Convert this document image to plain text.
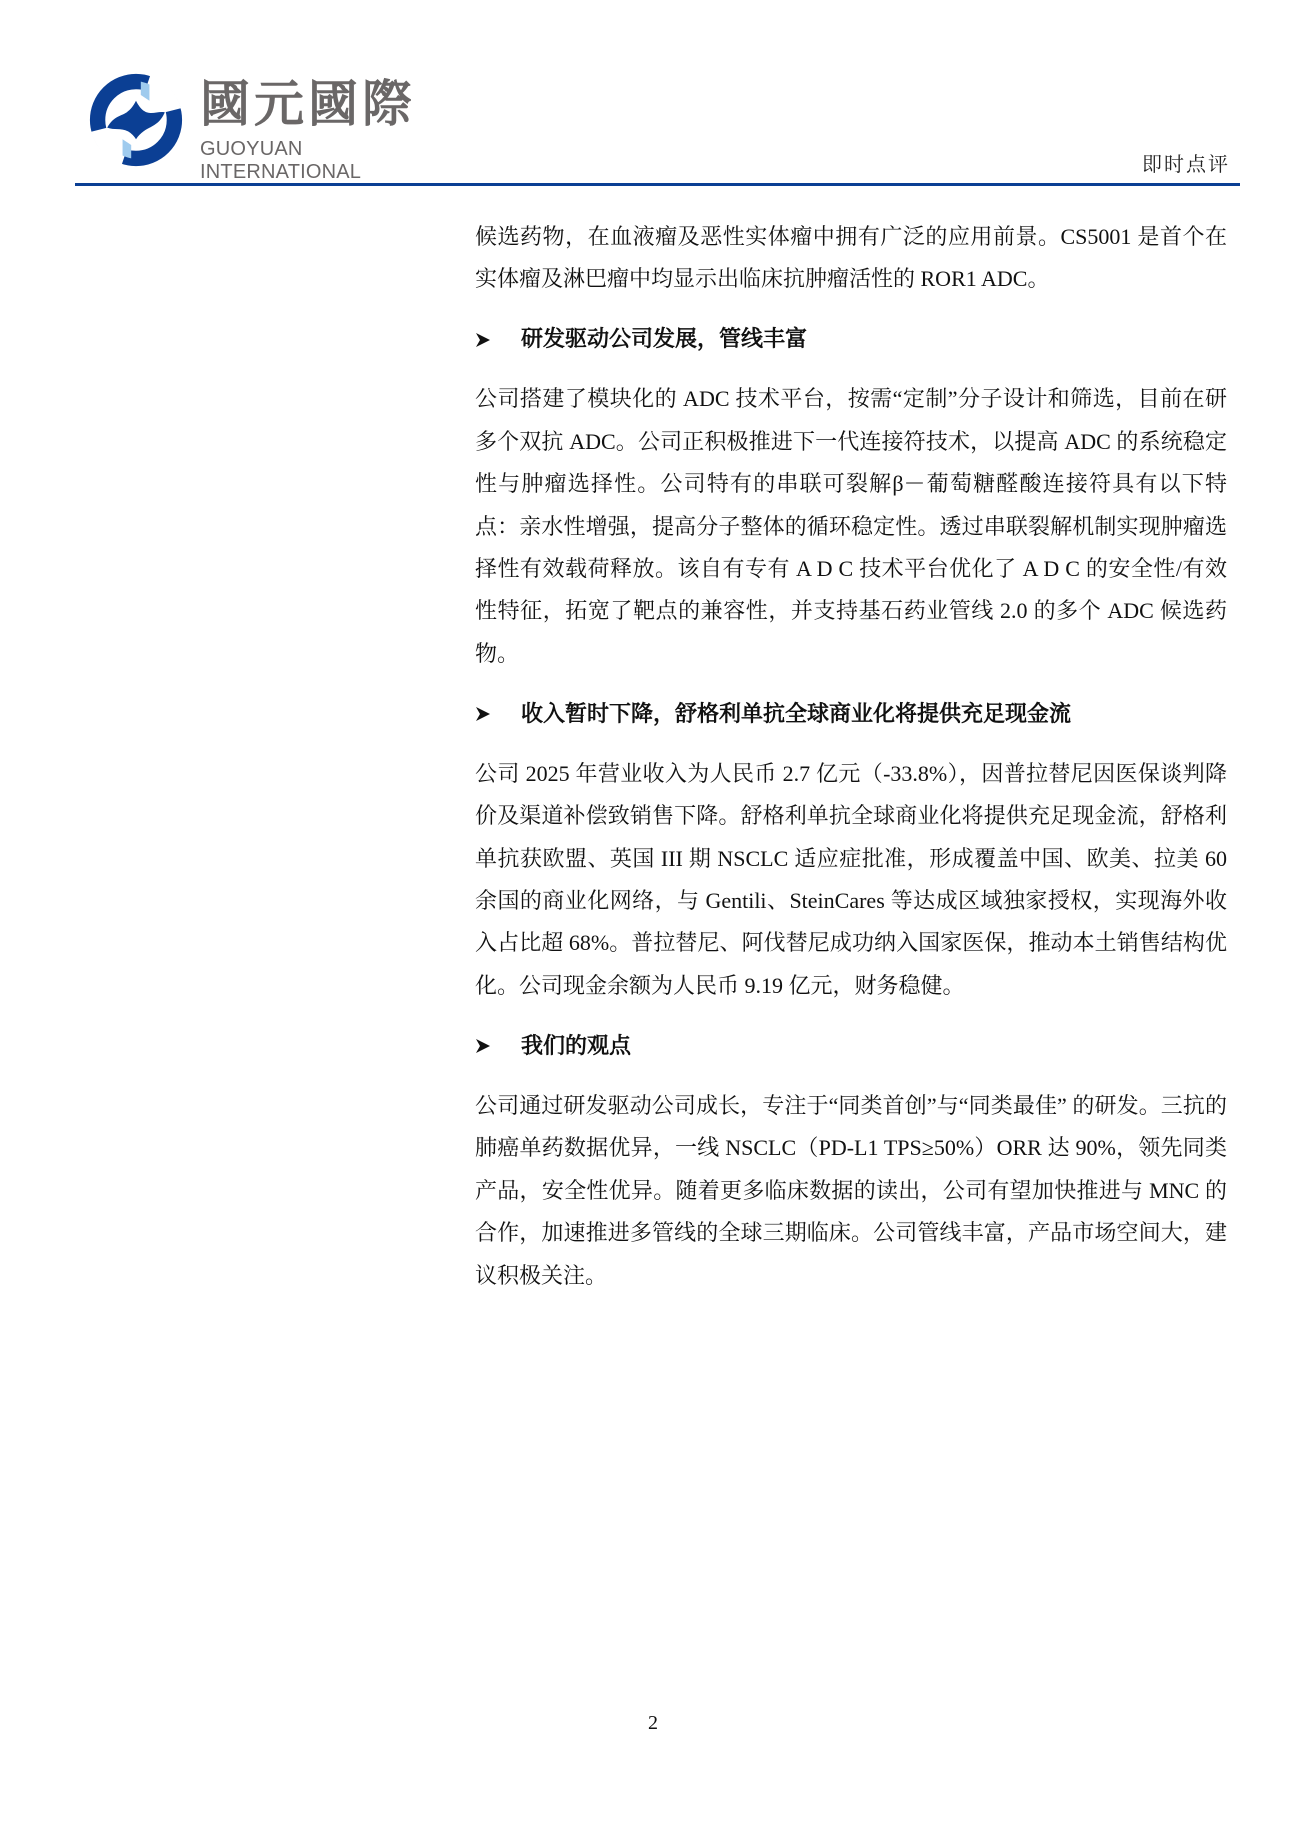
國元國際
GUOYUAN INTERNATIONAL	即时点评

候选药物，在血液瘤及恶性实体瘤中拥有广泛的应用前景。CS5001 是首个在实体瘤及淋巴瘤中均显示出临床抗肿瘤活性的 ROR1 ADC。

研发驱动公司发展，管线丰富

公司搭建了模块化的 ADC 技术平台，按需“定制”分子设计和筛选，目前在研多个双抗 ADC。公司正积极推进下一代连接符技术，以提高 ADC 的系统稳定性与肿瘤选择性。公司特有的串联可裂解β－葡萄糖醛酸连接符具有以下特点：亲水性增强，提高分子整体的循环稳定性。透过串联裂解机制实现肿瘤选择性有效载荷释放。该自有专有 A D C 技术平台优化了 A D C 的安全性/有效性特征，拓宽了靶点的兼容性，并支持基石药业管线 2.0 的多个 ADC 候选药物。

收入暂时下降，舒格利单抗全球商业化将提供充足现金流

公司 2025 年营业收入为人民币 2.7 亿元（-33.8%），因普拉替尼因医保谈判降价及渠道补偿致销售下降。舒格利单抗全球商业化将提供充足现金流，舒格利单抗获欧盟、英国 III 期 NSCLC 适应症批准，形成覆盖中国、欧美、拉美 60 余国的商业化网络，与 Gentili、SteinCares 等达成区域独家授权，实现海外收入占比超 68%。普拉替尼、阿伐替尼成功纳入国家医保，推动本土销售结构优化。公司现金余额为人民币 9.19 亿元，财务稳健。

我们的观点

公司通过研发驱动公司成长，专注于“同类首创”与“同类最佳” 的研发。三抗的肺癌单药数据优异，一线 NSCLC（PD-L1 TPS≥50%）ORR 达 90%，领先同类产品，安全性优异。随着更多临床数据的读出，公司有望加快推进与 MNC 的合作，加速推进多管线的全球三期临床。公司管线丰富，产品市场空间大，建议积极关注。

2
